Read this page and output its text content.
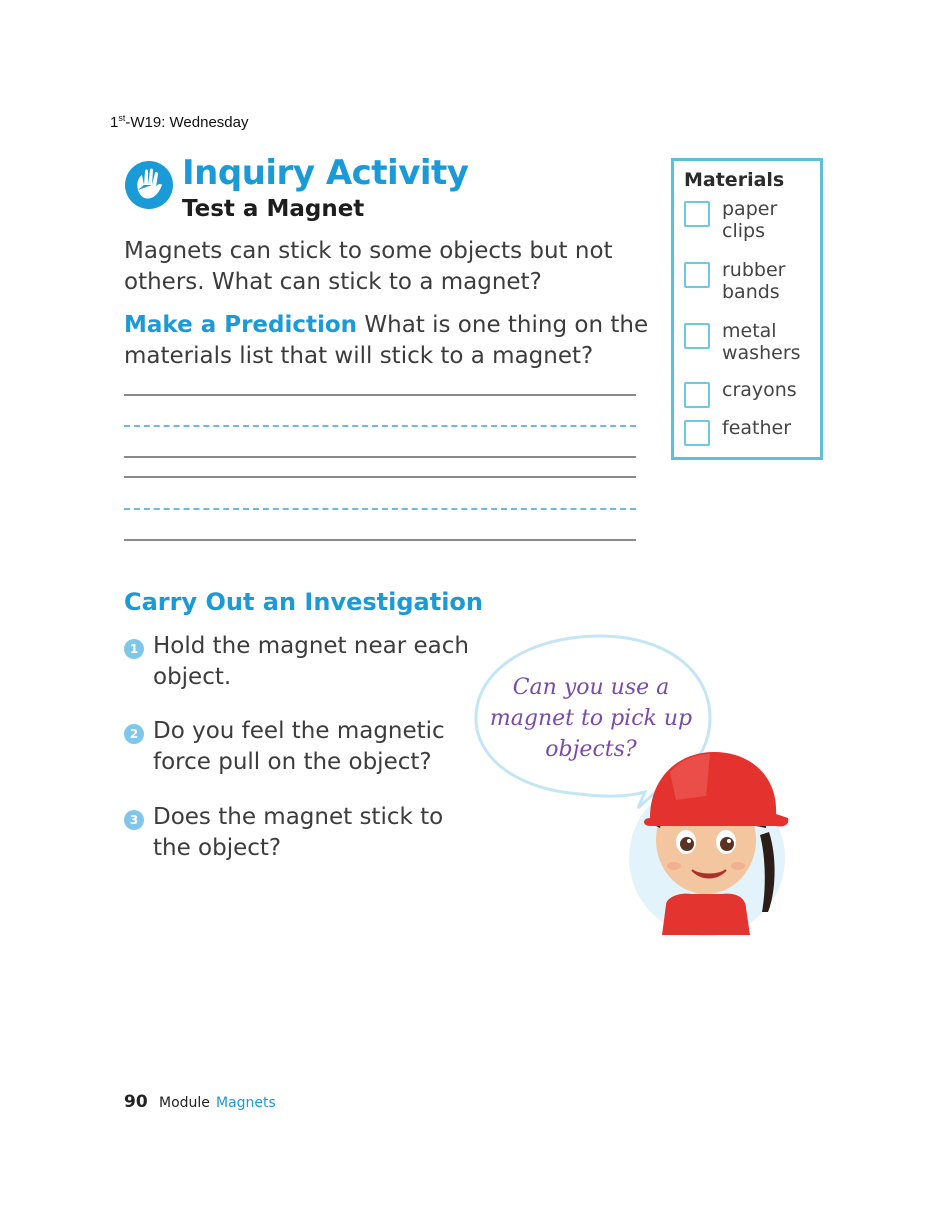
1st-W19: Wednesday
Inquiry Activity
Test a Magnet
Magnets can stick to some objects but not others. What can stick to a magnet?
Make a Prediction What is one thing on the materials list that will stick to a magnet?
Materials
paper clips
rubber bands
metal washers
crayons
feather
Carry Out an Investigation
1 Hold the magnet near each object.
2 Do you feel the magnetic force pull on the object?
3 Does the magnet stick to the object?
Can you use a magnet to pick up objects?
90 Module Magnets
